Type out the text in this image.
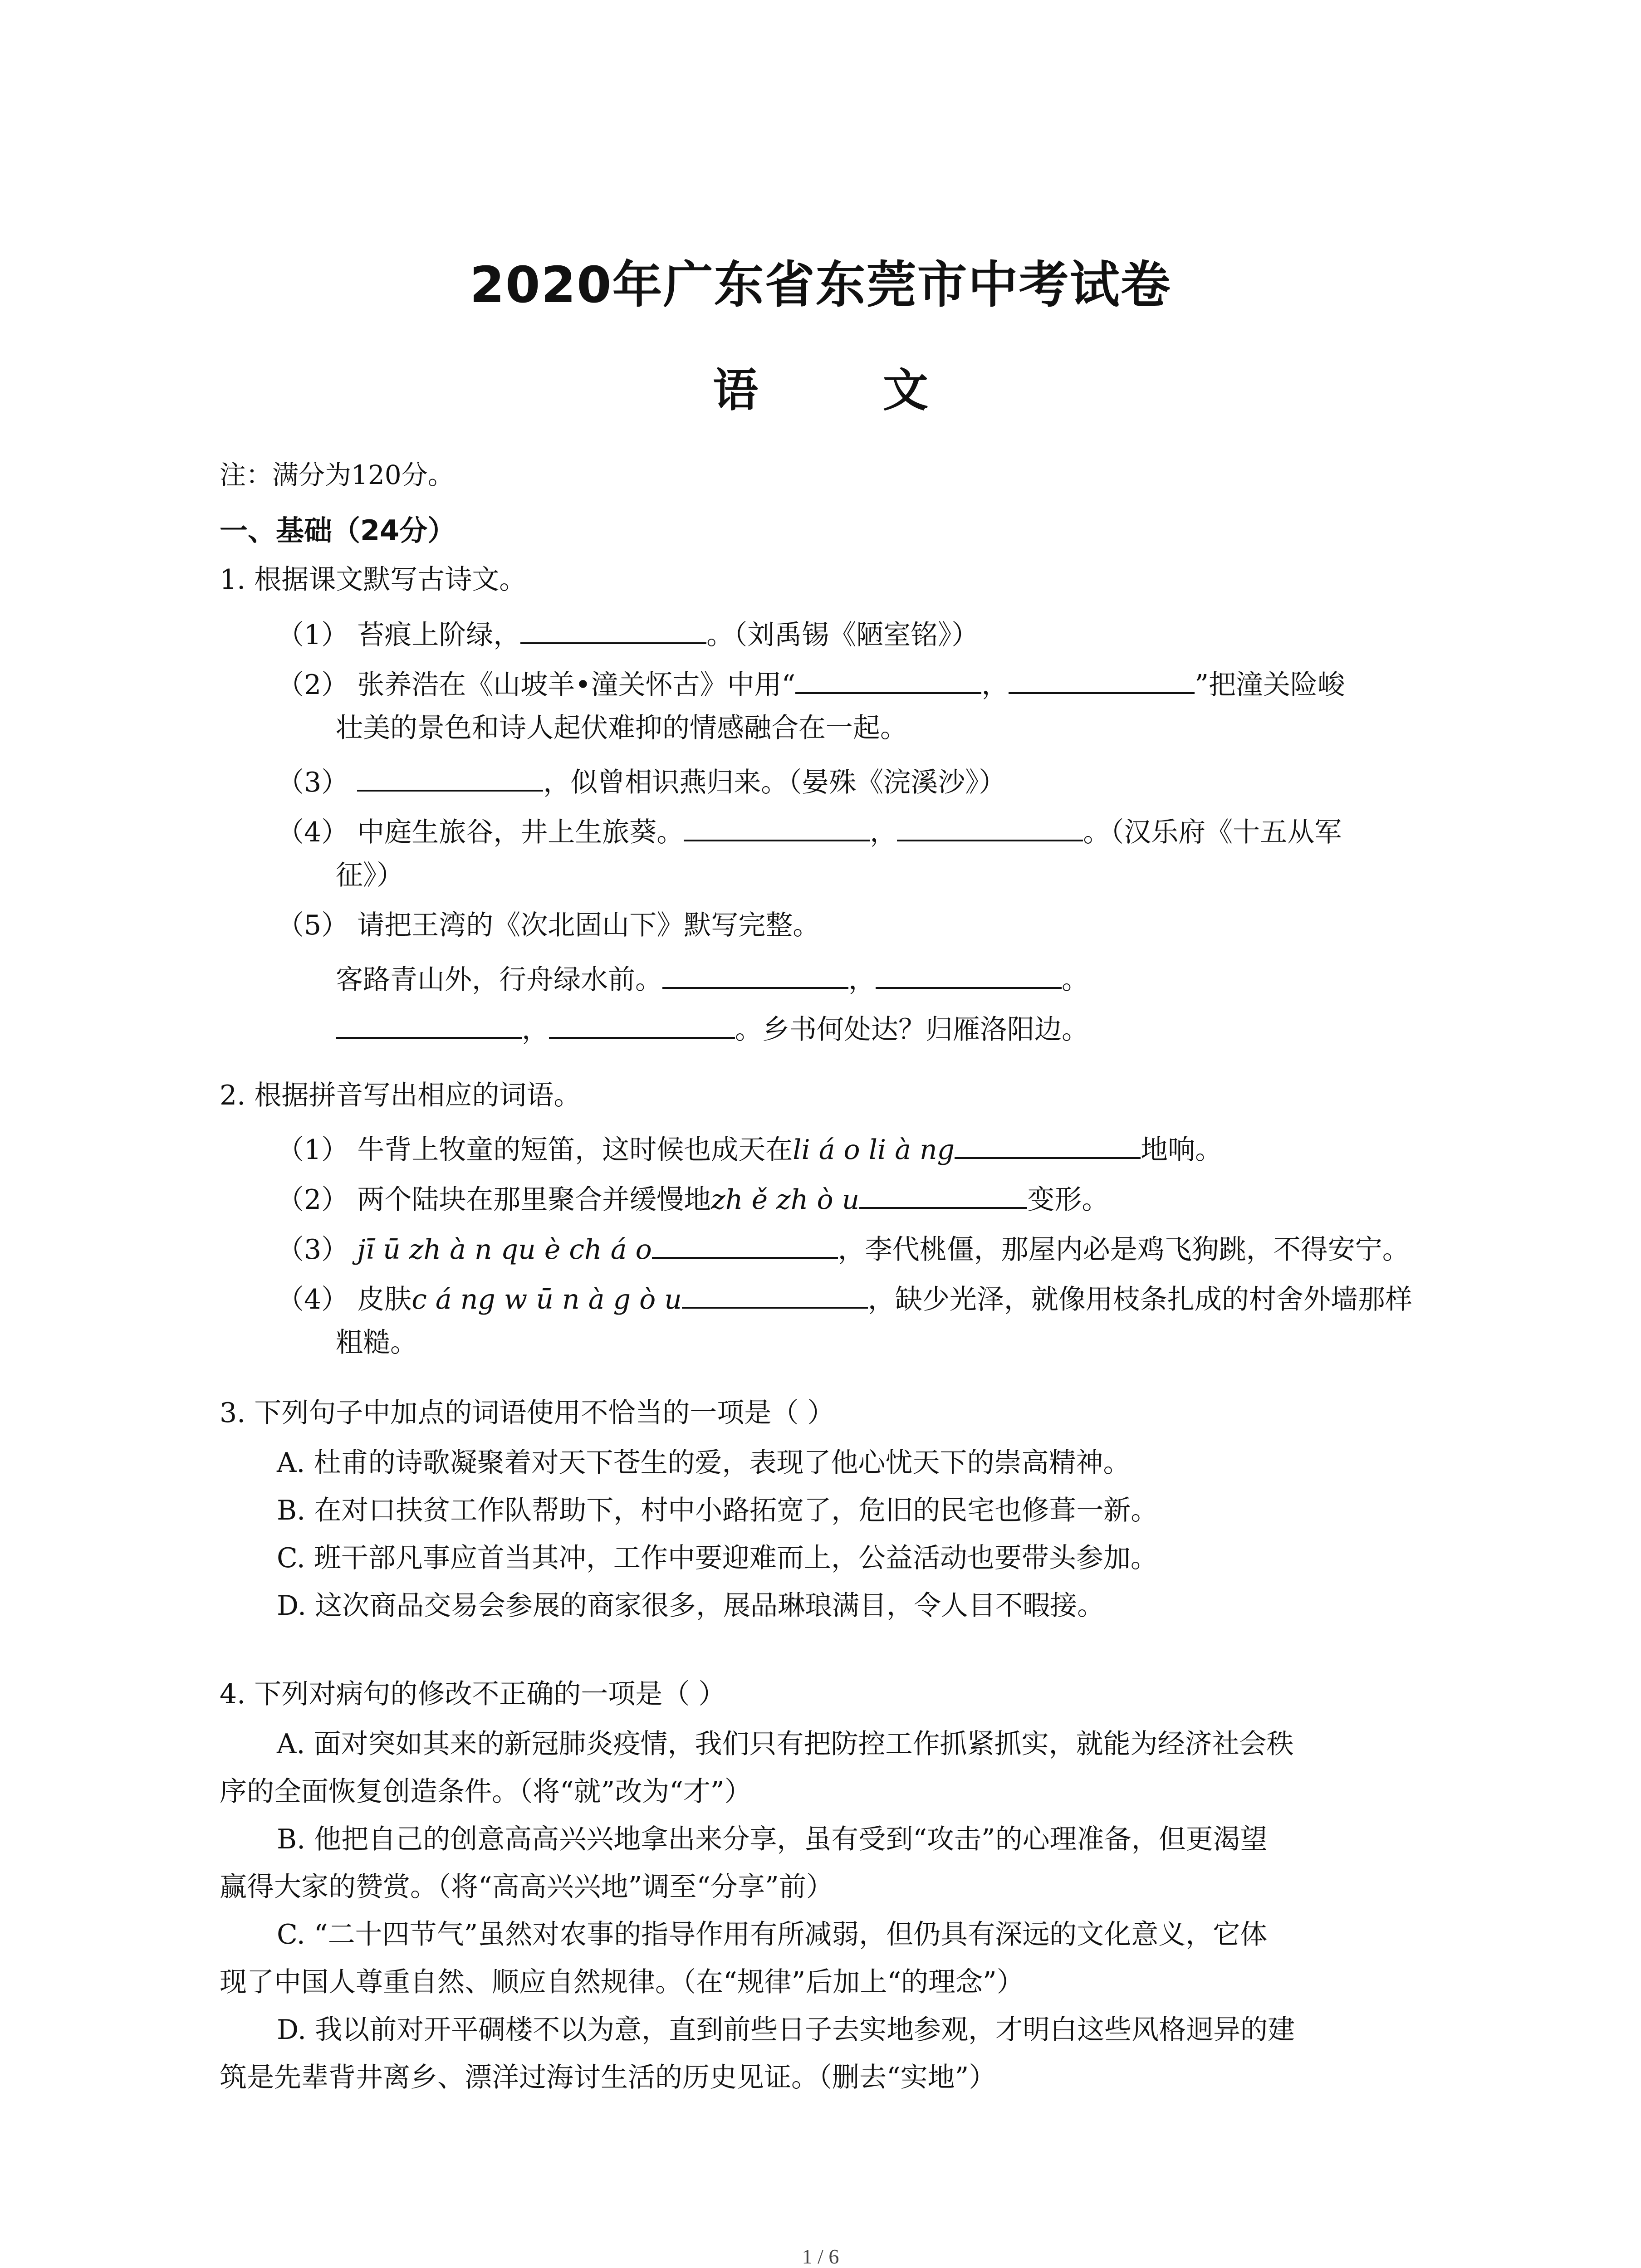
2020年广东省东莞市中考试卷
语 文
注：满分为120分。
一、基础（24分）
1. 根据课文默写古诗文。
（1） 苔痕上阶绿，	。（刘禹锡《陋室铭》）
（2） 张养浩在《山坡羊•潼关怀古》中用“	，	”把潼关险峻
壮美的景色和诗人起伏难抑的情感融合在一起。
（3）	，似曾相识燕归来。（晏殊《浣溪沙》）
（4） 中庭生旅谷，井上生旅葵。	，	。（汉乐府《十五从军
征》）
（5） 请把王湾的《次北固山下》默写完整。
客路青山外，行舟绿水前。	，	。
，	。乡书何处达？归雁洛阳边。
2. 根据拼音写出相应的词语。
（1） 牛背上牧童的短笛，这时候也成天在li á o li à ng	地响。
（2） 两个陆块在那里聚合并缓慢地zh ě zh ò u	变形。
（3） jī ū zh à n qu è ch á o	，李代桃僵，那屋内必是鸡飞狗跳，不得安宁。
（4） 皮肤c á ng w ū n à g ò u	，缺少光泽，就像用枝条扎成的村舍外墙那样
粗糙。
3. 下列句子中加点的词语使用不恰当的一项是（ ）
A. 杜甫的诗歌凝聚着对天下苍生的爱，表现了他心忧天下的崇高精神。
B. 在对口扶贫工作队帮助下，村中小路拓宽了，危旧的民宅也修葺一新。
C. 班干部凡事应首当其冲，工作中要迎难而上，公益活动也要带头参加。
D. 这次商品交易会参展的商家很多，展品琳琅满目，令人目不暇接。
4. 下列对病句的修改不正确的一项是（ ）
A. 面对突如其来的新冠肺炎疫情，我们只有把防控工作抓紧抓实，就能为经济社会秩
序的全面恢复创造条件。（将“就”改为“才”）
B. 他把自己的创意高高兴兴地拿出来分享，虽有受到“攻击”的心理准备，但更渴望
赢得大家的赞赏。（将“高高兴兴地”调至“分享”前）
C. “二十四节气”虽然对农事的指导作用有所减弱，但仍具有深远的文化意义，它体
现了中国人尊重自然、顺应自然规律。（在“规律”后加上“的理念”）
D. 我以前对开平碉楼不以为意，直到前些日子去实地参观，才明白这些风格迥异的建
筑是先辈背井离乡、漂洋过海讨生活的历史见证。（删去“实地”）
1 / 6
